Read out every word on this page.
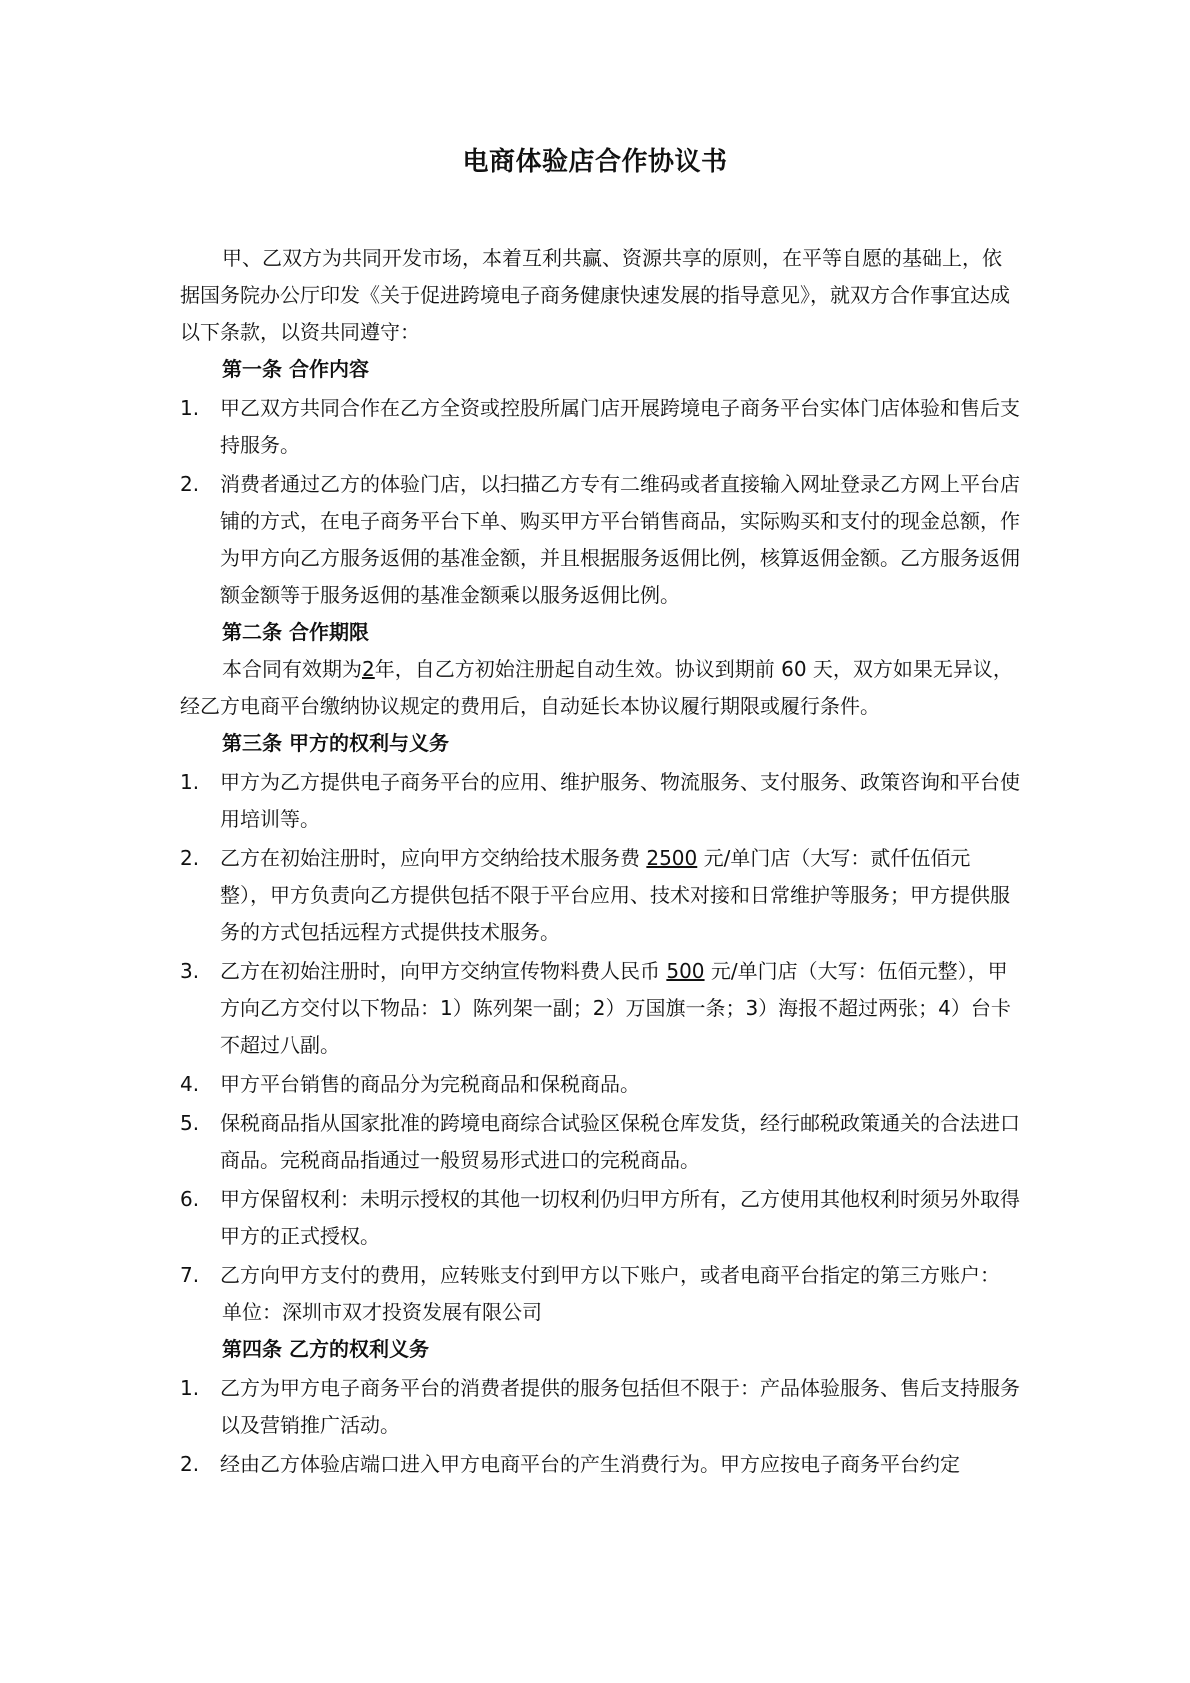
电商体验店合作协议书

甲、乙双方为共同开发市场，本着互利共赢、资源共享的原则，在平等自愿的基础上，依据国务院办公厅印发《关于促进跨境电子商务健康快速发展的指导意见》，就双方合作事宜达成以下条款，以资共同遵守：

第一条 合作内容

1. 甲乙双方共同合作在乙方全资或控股所属门店开展跨境电子商务平台实体门店体验和售后支持服务。
2. 消费者通过乙方的体验门店，以扫描乙方专有二维码或者直接输入网址登录乙方网上平台店铺的方式，在电子商务平台下单、购买甲方平台销售商品，实际购买和支付的现金总额，作为甲方向乙方服务返佣的基准金额，并且根据服务返佣比例，核算返佣金额。乙方服务返佣额金额等于服务返佣的基准金额乘以服务返佣比例。

第二条 合作期限

本合同有效期为2年，自乙方初始注册起自动生效。协议到期前 60 天，双方如果无异议，经乙方电商平台缴纳协议规定的费用后，自动延长本协议履行期限或履行条件。

第三条 甲方的权利与义务

1. 甲方为乙方提供电子商务平台的应用、维护服务、物流服务、支付服务、政策咨询和平台使用培训等。
2. 乙方在初始注册时，应向甲方交纳给技术服务费 2500 元/单门店（大写：贰仟伍佰元整），甲方负责向乙方提供包括不限于平台应用、技术对接和日常维护等服务；甲方提供服务的方式包括远程方式提供技术服务。
3. 乙方在初始注册时，向甲方交纳宣传物料费人民币 500 元/单门店（大写：伍佰元整），甲方向乙方交付以下物品：1）陈列架一副；2）万国旗一条；3）海报不超过两张；4）台卡不超过八副。
4. 甲方平台销售的商品分为完税商品和保税商品。
5. 保税商品指从国家批准的跨境电商综合试验区保税仓库发货，经行邮税政策通关的合法进口商品。完税商品指通过一般贸易形式进口的完税商品。
6. 甲方保留权利：未明示授权的其他一切权利仍归甲方所有，乙方使用其他权利时须另外取得甲方的正式授权。
7. 乙方向甲方支付的费用，应转账支付到甲方以下账户，或者电商平台指定的第三方账户：

单位：深圳市双才投资发展有限公司

第四条 乙方的权利义务

1. 乙方为甲方电子商务平台的消费者提供的服务包括但不限于：产品体验服务、售后支持服务以及营销推广活动。
2. 经由乙方体验店端口进入甲方电商平台的产生消费行为。甲方应按电子商务平台约定
